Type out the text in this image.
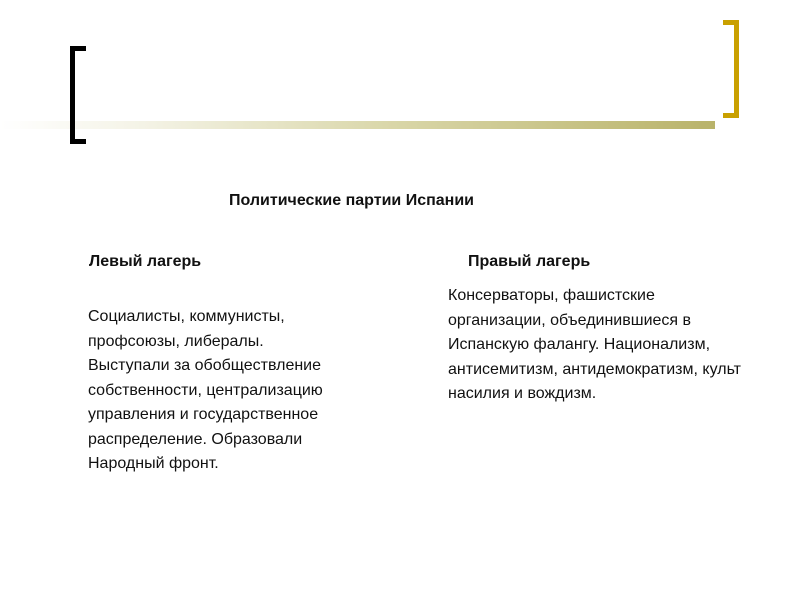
Политические партии Испании
Левый лагерь	Правый лагерь

Социалисты, коммунисты, профсоюзы, либералы. Выступали за обобществление собственности, централизацию управления и государственное распределение. Образовали Народный фронт.

Консерваторы, фашистские организации, объединившиеся в Испанскую фалангу. Национализм, антисемитизм, антидемократизм, культ насилия и вождизм.
